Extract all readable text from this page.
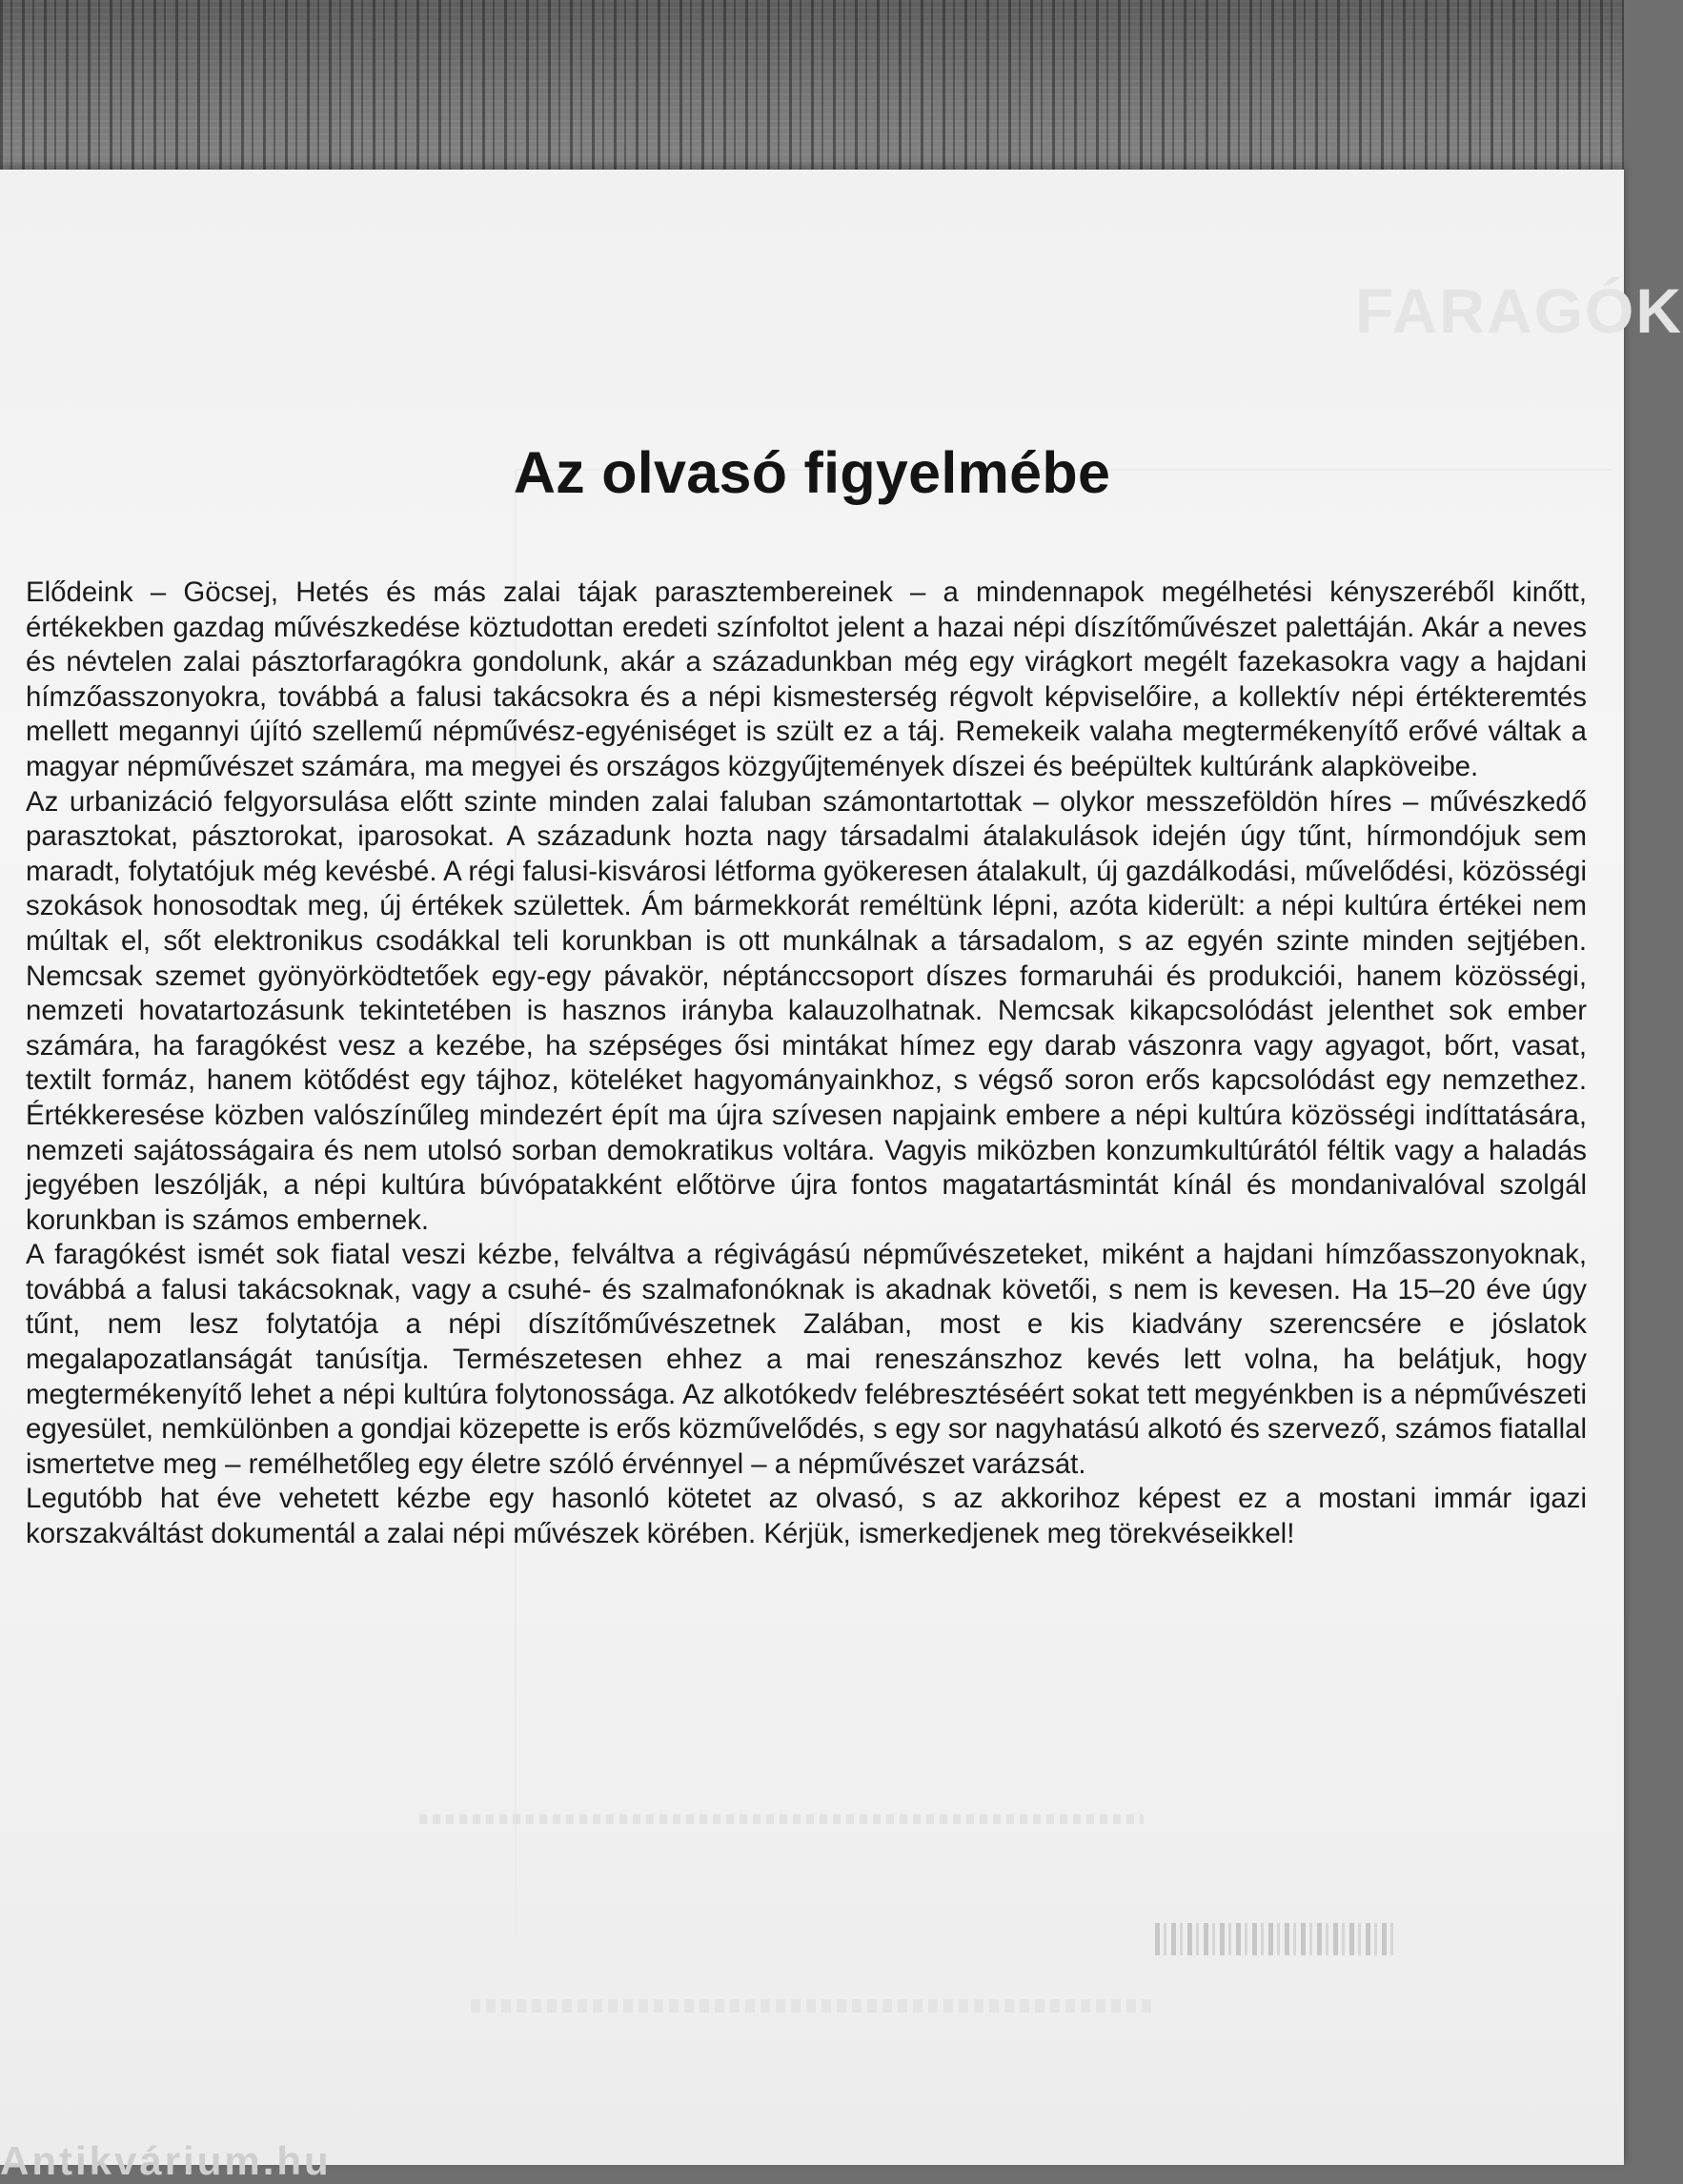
FARAGÓK
Az olvasó figyelmébe

Elődeink – Göcsej, Hetés és más zalai tájak parasztembereinek – a mindennapok megélhetési kényszeréből kinőtt, értékekben gazdag művészkedése köztudottan eredeti színfoltot jelent a hazai népi díszítőművészet palettáján. Akár a neves és névtelen zalai pásztorfaragókra gondolunk, akár a századunkban még egy virágkort megélt fazekasokra vagy a hajdani hímzőasszonyokra, továbbá a falusi takácsokra és a népi kismesterség régvolt képviselőire, a kollektív népi értékteremtés mellett megannyi újító szellemű népművész-egyéniséget is szült ez a táj. Remekeik valaha megtermékenyítő erővé váltak a magyar népművészet számára, ma megyei és országos közgyűjtemények díszei és beépültek kultúránk alapköveibe.

Az urbanizáció felgyorsulása előtt szinte minden zalai faluban számontartottak – olykor messzeföldön híres – művészkedő parasztokat, pásztorokat, iparosokat. A századunk hozta nagy társadalmi átalakulások idején úgy tűnt, hírmondójuk sem maradt, folytatójuk még kevésbé. A régi falusi-kisvárosi létforma gyökeresen átalakult, új gazdálkodási, művelődési, közösségi szokások honosodtak meg, új értékek születtek. Ám bármekkorát reméltünk lépni, azóta kiderült: a népi kultúra értékei nem múltak el, sőt elektronikus csodákkal teli korunkban is ott munkálnak a társadalom, s az egyén szinte minden sejtjében. Nemcsak szemet gyönyörködtetőek egy-egy pávakör, néptánccsoport díszes formaruhái és produkciói, hanem közösségi, nemzeti hovatartozásunk tekintetében is hasznos irányba kalauzolhatnak. Nemcsak kikapcsolódást jelenthet sok ember számára, ha faragókést vesz a kezébe, ha szépséges ősi mintákat hímez egy darab vászonra vagy agyagot, bőrt, vasat, textilt formáz, hanem kötődést egy tájhoz, köteléket hagyományainkhoz, s végső soron erős kapcsolódást egy nemzethez. Értékkeresése közben valószínűleg mindezért épít ma újra szívesen napjaink embere a népi kultúra közösségi indíttatására, nemzeti sajátosságaira és nem utolsó sorban demokratikus voltára. Vagyis miközben konzumkultúrától féltik vagy a haladás jegyében leszólják, a népi kultúra búvópatakként előtörve újra fontos magatartásmintát kínál és mondanivalóval szolgál korunkban is számos embernek.

A faragókést ismét sok fiatal veszi kézbe, felváltva a régivágású népművészeteket, miként a hajdani hímzőasszonyoknak, továbbá a falusi takácsoknak, vagy a csuhé- és szalmafonóknak is akadnak követői, s nem is kevesen. Ha 15–20 éve úgy tűnt, nem lesz folytatója a népi díszítőművészetnek Zalában, most e kis kiadvány szerencsére e jóslatok megalapozatlanságát tanúsítja. Természetesen ehhez a mai reneszánszhoz kevés lett volna, ha belátjuk, hogy megtermékenyítő lehet a népi kultúra folytonossága. Az alkotókedv felébresztéséért sokat tett megyénkben is a népművészeti egyesület, nemkülönben a gondjai közepette is erős közművelődés, s egy sor nagyhatású alkotó és szervező, számos fiatallal ismertetve meg – remélhetőleg egy életre szóló érvénnyel – a népművészet varázsát.

Legutóbb hat éve vehetett kézbe egy hasonló kötetet az olvasó, s az akkorihoz képest ez a mostani immár igazi korszakváltást dokumentál a zalai népi művészek körében. Kérjük, ismerkedjenek meg törekvéseikkel!

Antikvárium.hu
